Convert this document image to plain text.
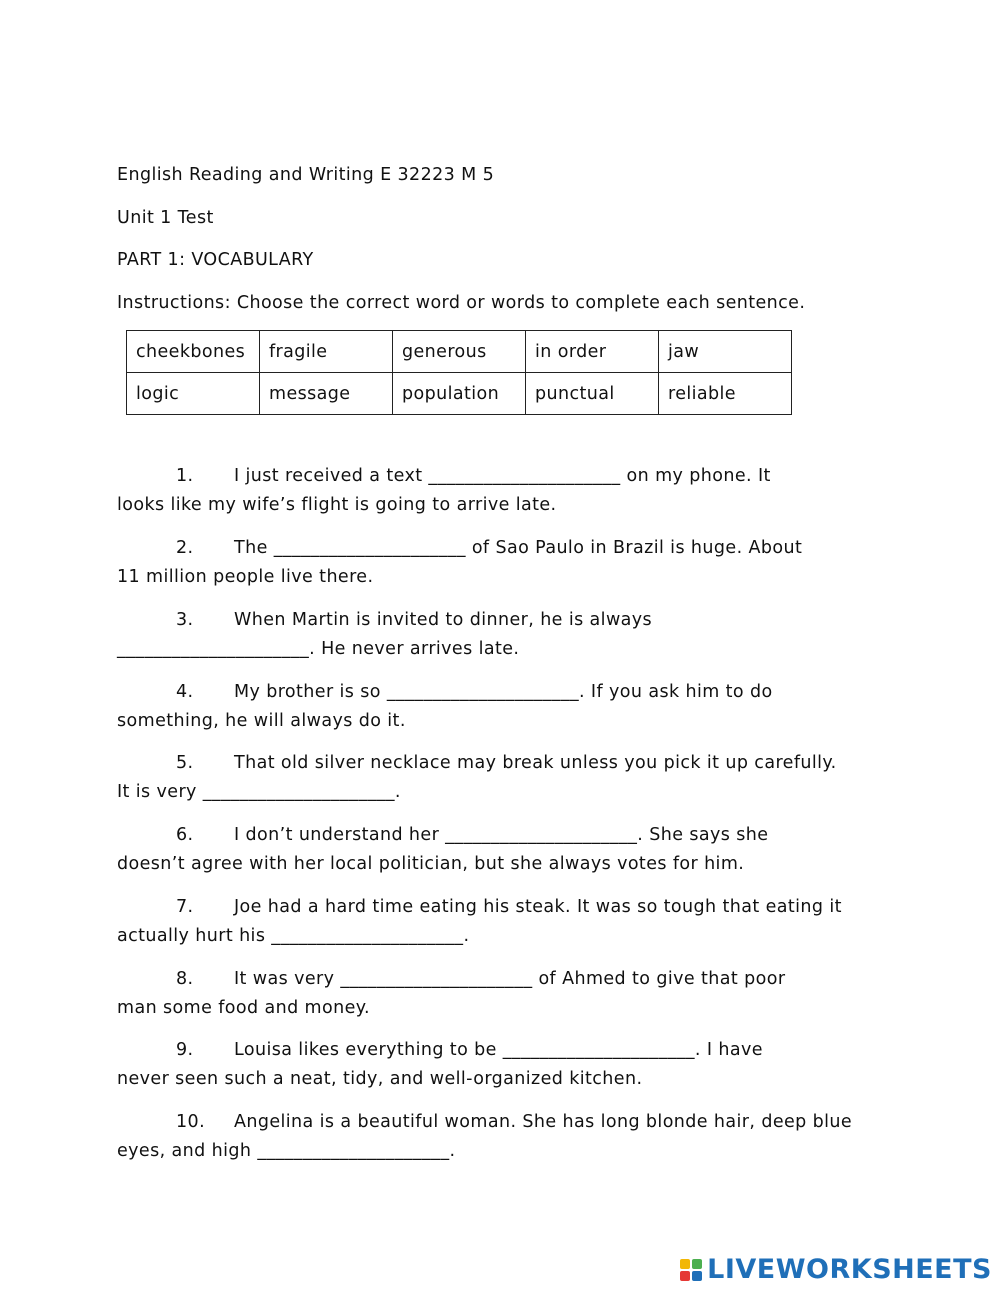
English Reading and Writing E 32223 M 5

Unit 1 Test

PART 1: VOCABULARY

Instructions: Choose the correct word or words to complete each sentence.

cheekbones	fragile	generous	in order	jaw
logic	message	population	punctual	reliable
1.	I just received a text _____________________ on my phone. It
looks like my wife’s flight is going to arrive late.
2.	The _____________________ of Sao Paulo in Brazil is huge. About
11 million people live there.
3.	When Martin is invited to dinner, he is always
_____________________. He never arrives late.
4.	My brother is so _____________________. If you ask him to do
something, he will always do it.
5.	That old silver necklace may break unless you pick it up carefully.
It is very _____________________.
6.	I don’t understand her _____________________. She says she
doesn’t agree with her local politician, but she always votes for him.
7.	Joe had a hard time eating his steak. It was so tough that eating it
actually hurt his _____________________.
8.	It was very _____________________ of Ahmed to give that poor
man some food and money.
9.	Louisa likes everything to be _____________________. I have
never seen such a neat, tidy, and well-organized kitchen.
10.	Angelina is a beautiful woman. She has long blonde hair, deep blue
eyes, and high _____________________.
LIVEWORKSHEETS
